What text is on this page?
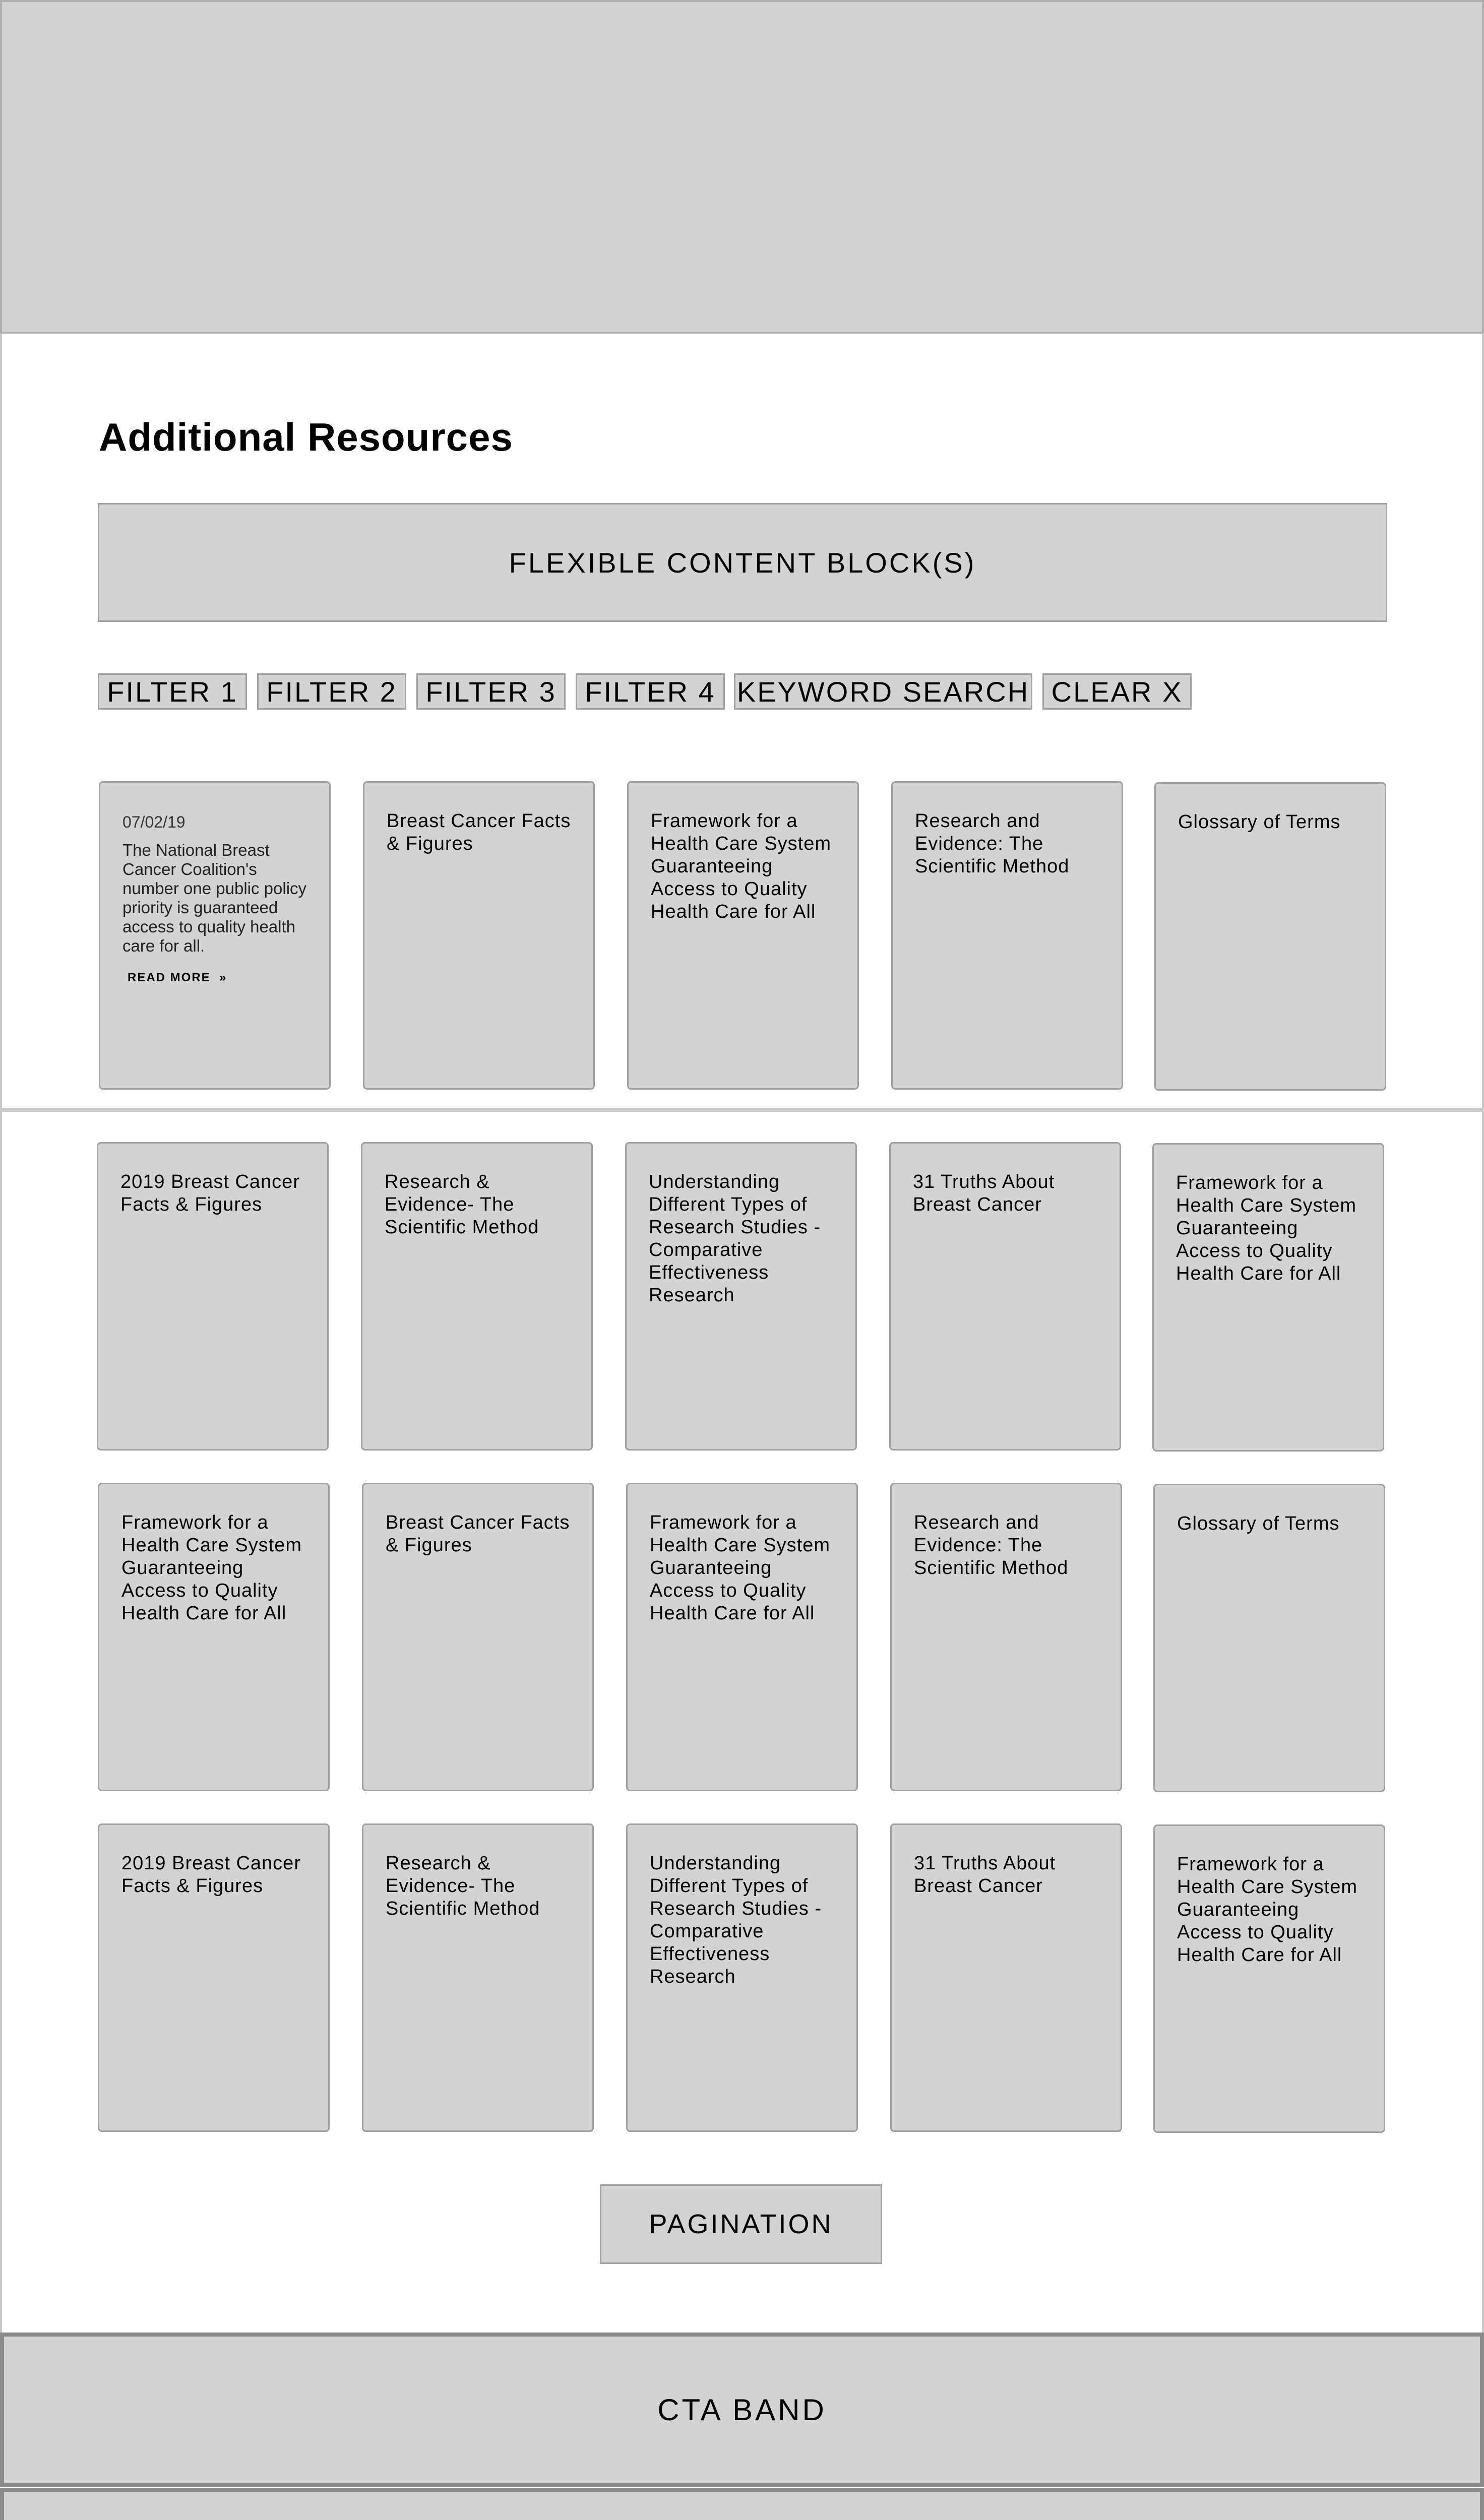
Additional Resources
FLEXIBLE CONTENT BLOCK(S)
FILTER 1	FILTER 2	FILTER 3	FILTER 4 KEYWORD SEARCH CLEAR X
07/02/19
The National Breast Cancer Coalition's number one public policy priority is guaranteed access to quality health care for all.
READ MORE  »
Breast Cancer Facts & Figures
Framework for a Health Care System Guaranteeing Access to Quality Health Care for All
Research and Evidence: The Scientific Method
Glossary of Terms
2019 Breast Cancer Facts & Figures
Research & Evidence- The Scientific Method
Understanding Different Types of Research Studies - Comparative Effectiveness Research
31 Truths About Breast Cancer
Framework for a Health Care System Guaranteeing Access to Quality Health Care for All
Framework for a Health Care System Guaranteeing Access to Quality Health Care for All
Breast Cancer Facts & Figures
Framework for a Health Care System Guaranteeing Access to Quality Health Care for All
Research and Evidence: The Scientific Method
Glossary of Terms
2019 Breast Cancer Facts & Figures
Research & Evidence- The Scientific Method
Understanding Different Types of Research Studies - Comparative Effectiveness Research
31 Truths About Breast Cancer
Framework for a Health Care System Guaranteeing Access to Quality Health Care for All
PAGINATION
CTA BAND
